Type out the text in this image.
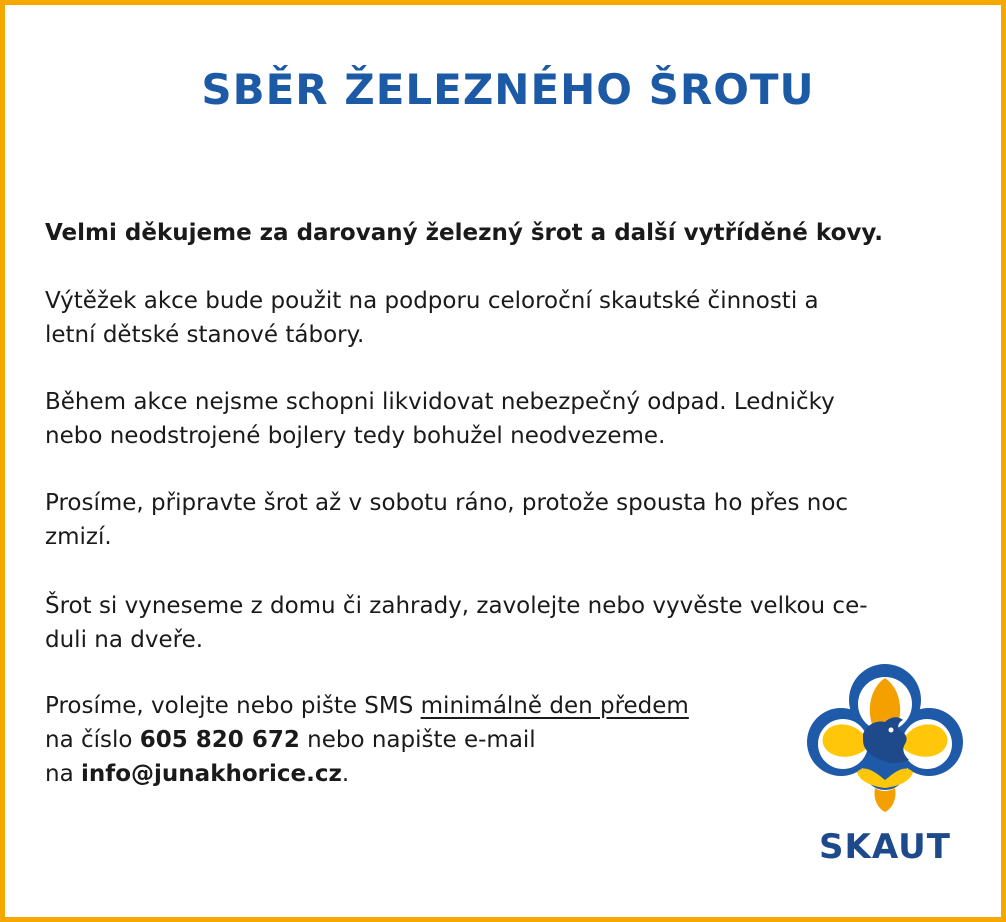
SBĚR ŽELEZNÉHO ŠROTU

Velmi děkujeme za darovaný železný šrot a další vytříděné kovy.

Výtěžek akce bude použit na podporu celoroční skautské činnosti a
letní dětské stanové tábory.

Během akce nejsme schopni likvidovat nebezpečný odpad. Ledničky
nebo neodstrojené bojlery tedy bohužel neodvezeme.

Prosíme, připravte šrot až v sobotu ráno, protože spousta ho přes noc
zmizí.

Šrot si vyneseme z domu či zahrady, zavolejte nebo vyvěste velkou ce-
duli na dveře.

Prosíme, volejte nebo pište SMS minimálně den předem
na číslo 605 820 672 nebo napište e-mail
na info@junakhorice.cz.

SKAUT
